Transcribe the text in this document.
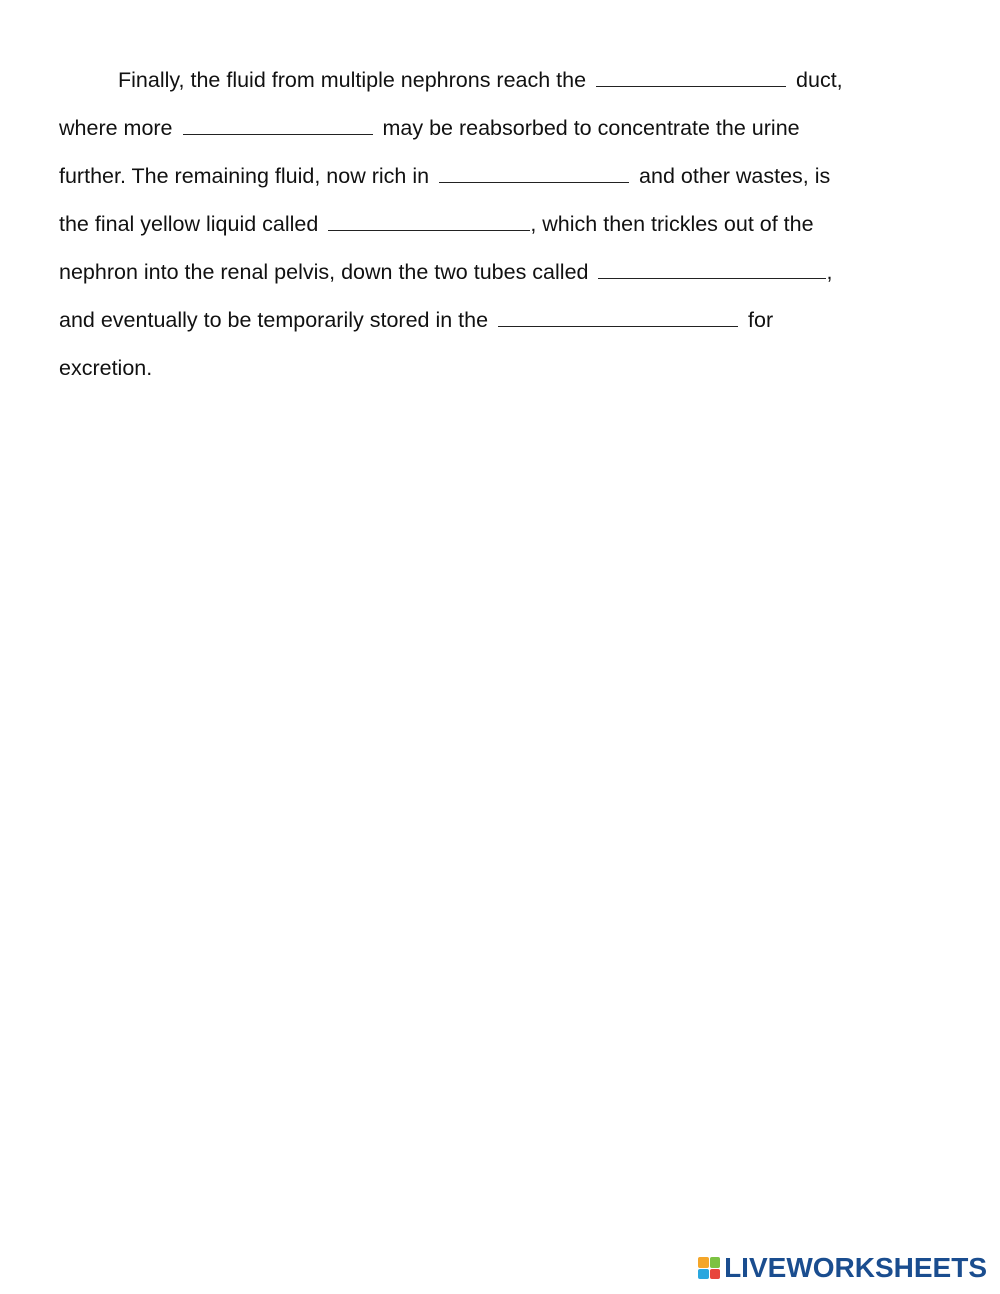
Finally, the fluid from multiple nephrons reach the	duct,
where more	may be reabsorbed to concentrate the urine
further. The remaining fluid, now rich in	and other wastes, is
the final yellow liquid called	, which then trickles out of the
nephron into the renal pelvis, down the two tubes called	,
and eventually to be temporarily stored in the	for
excretion.
LIVEWORKSHEETS
